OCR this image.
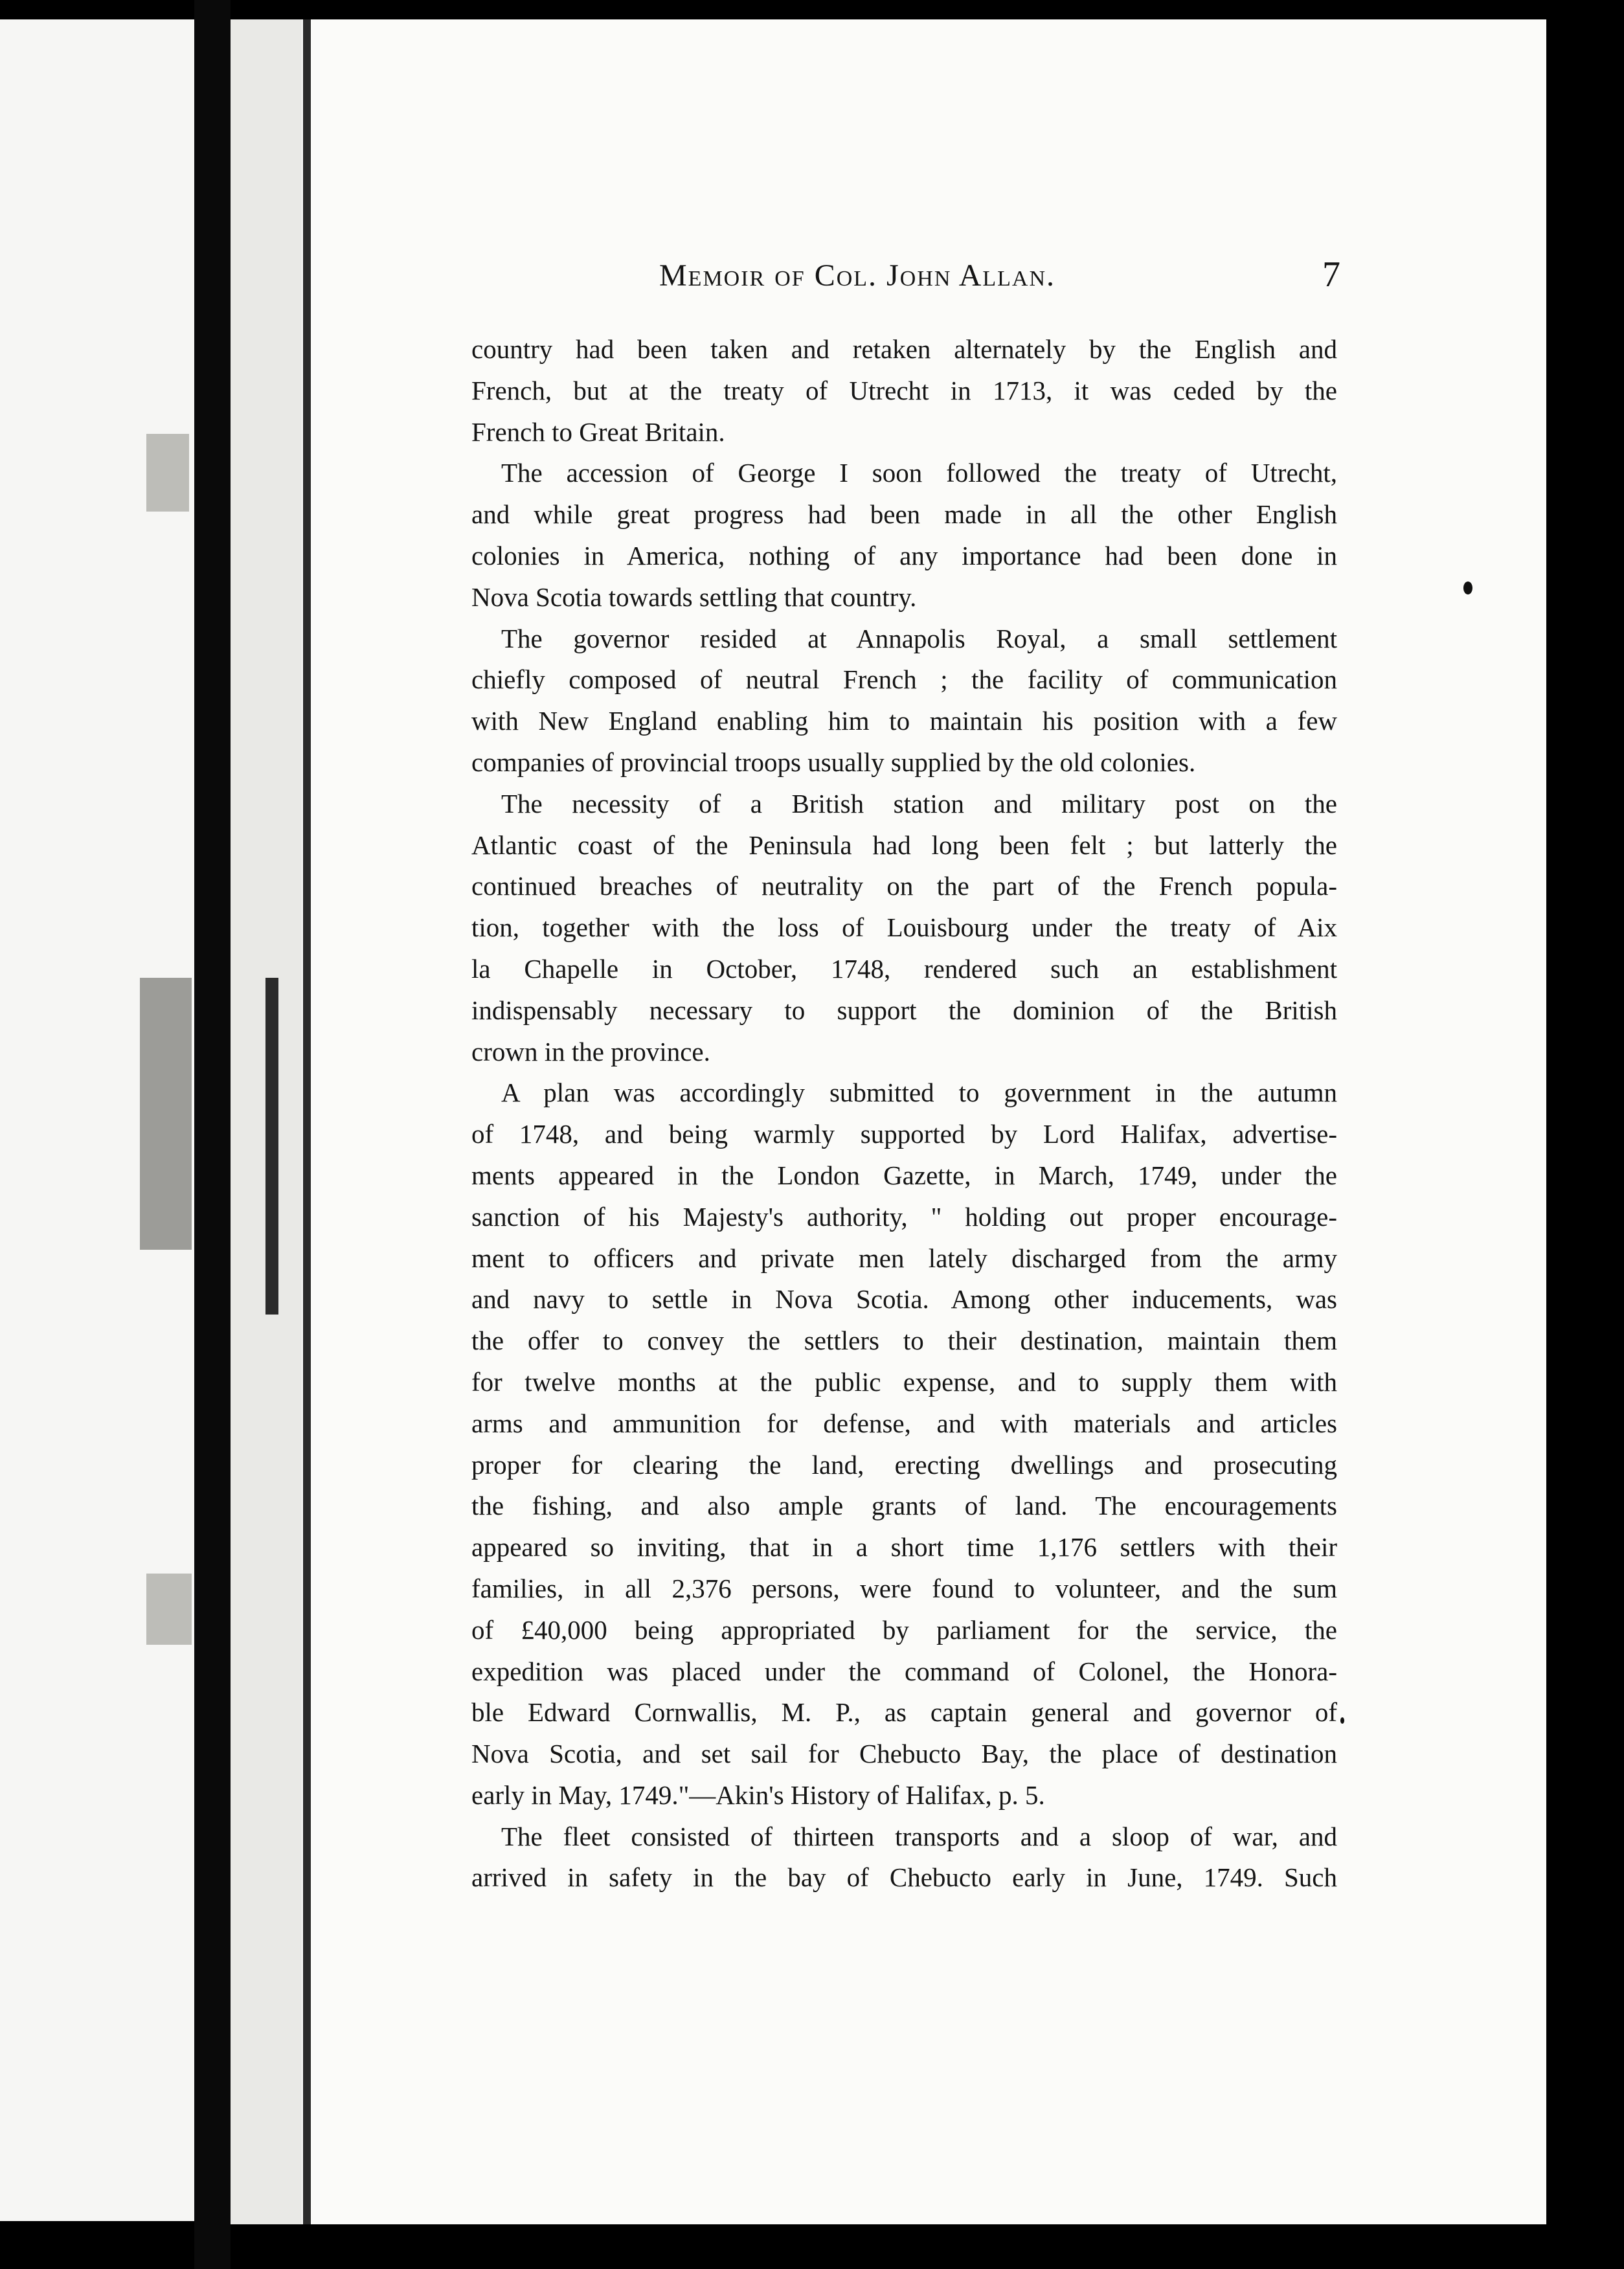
Memoir of Col. John Allan.	7
country had been taken and retaken alternately by the English and
French, but at the treaty of Utrecht in 1713, it was ceded by the
French to Great Britain.
The accession of George I soon followed the treaty of Utrecht,
and while great progress had been made in all the other English
colonies in America, nothing of any importance had been done in
Nova Scotia towards settling that country.
The governor resided at Annapolis Royal, a small settlement
chiefly composed of neutral French ; the facility of communication
with New England enabling him to maintain his position with a few
companies of provincial troops usually supplied by the old colonies.
The necessity of a British station and military post on the
Atlantic coast of the Peninsula had long been felt ; but latterly the
continued breaches of neutrality on the part of the French popula-
tion, together with the loss of Louisbourg under the treaty of Aix
la Chapelle in October, 1748, rendered such an establishment
indispensably necessary to support the dominion of the British
crown in the province.
A plan was accordingly submitted to government in the autumn
of 1748, and being warmly supported by Lord Halifax, advertise-
ments appeared in the London Gazette, in March, 1749, under the
sanction of his Majesty's authority, " holding out proper encourage-
ment to officers and private men lately discharged from the army
and navy to settle in Nova Scotia. Among other inducements, was
the offer to convey the settlers to their destination, maintain them
for twelve months at the public expense, and to supply them with
arms and ammunition for defense, and with materials and articles
proper for clearing the land, erecting dwellings and prosecuting
the fishing, and also ample grants of land. The encouragements
appeared so inviting, that in a short time 1,176 settlers with their
families, in all 2,376 persons, were found to volunteer, and the sum
of £40,000 being appropriated by parliament for the service, the
expedition was placed under the command of Colonel, the Honora-
ble Edward Cornwallis, M. P., as captain general and governor of
Nova Scotia, and set sail for Chebucto Bay, the place of destination
early in May, 1749."—Akin's History of Halifax, p. 5.
The fleet consisted of thirteen transports and a sloop of war, and
arrived in safety in the bay of Chebucto early in June, 1749. Such
